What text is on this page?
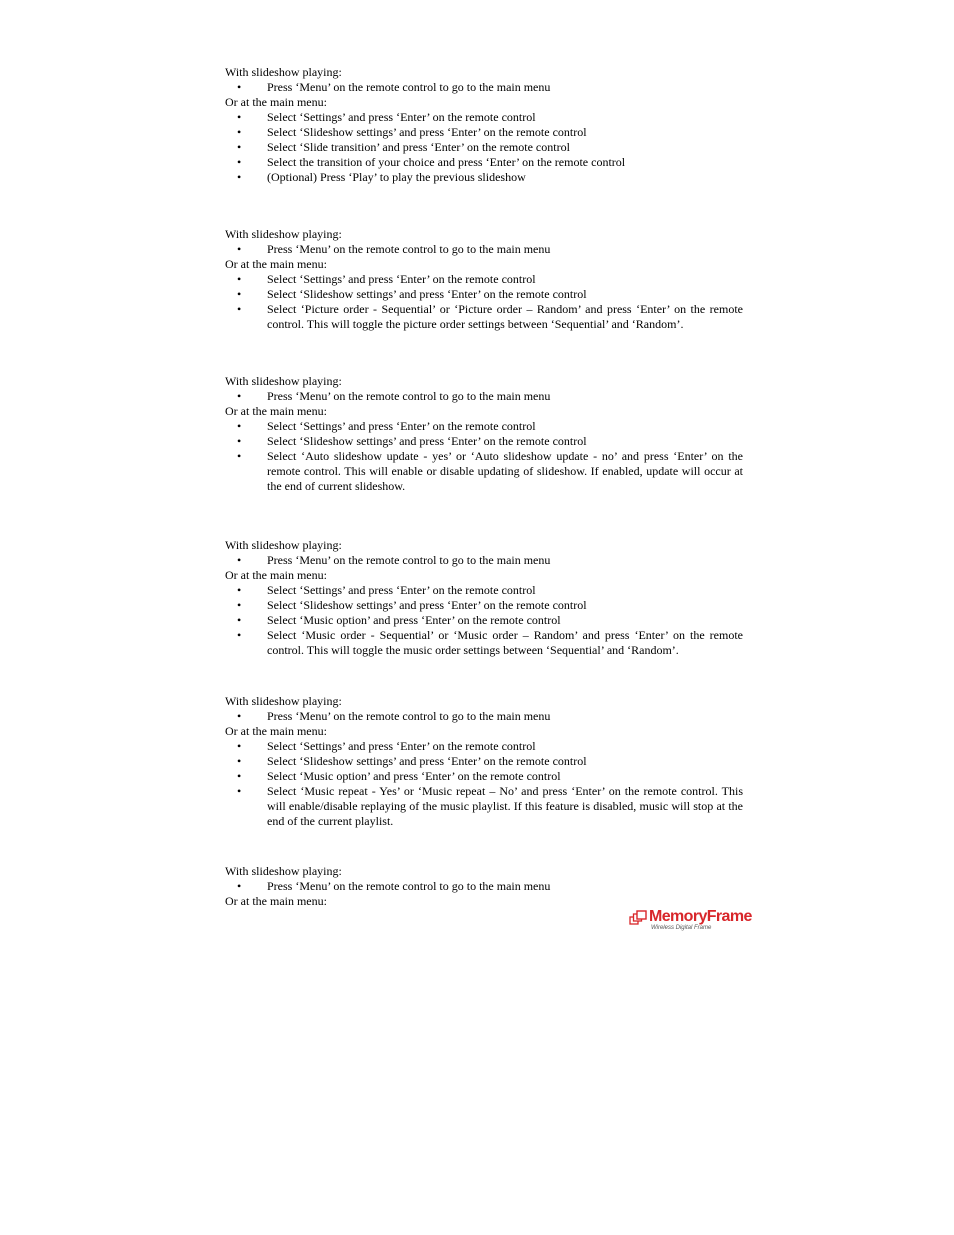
With slideshow playing:

•	Press ‘Menu’ on the remote control to go to the main menu

Or at the main menu:

•	Select ‘Settings’ and press ‘Enter’ on the remote control
•	Select ‘Slideshow settings’ and press ‘Enter’ on the remote control
•	Select ‘Slide transition’ and press ‘Enter’ on the remote control
•	Select the transition of your choice and press ‘Enter’ on the remote control
•	(Optional) Press ‘Play’ to play the previous slideshow

With slideshow playing:

•	Press ‘Menu’ on the remote control to go to the main menu

Or at the main menu:

•	Select ‘Settings’ and press ‘Enter’ on the remote control
•	Select ‘Slideshow settings’ and press ‘Enter’ on the remote control
•	Select ‘Picture order - Sequential’ or ‘Picture order – Random’ and press ‘Enter’ on the remote control. This will toggle the picture order settings between ‘Sequential’ and ‘Random’.

With slideshow playing:

•	Press ‘Menu’ on the remote control to go to the main menu

Or at the main menu:

•	Select ‘Settings’ and press ‘Enter’ on the remote control
•	Select ‘Slideshow settings’ and press ‘Enter’ on the remote control
•	Select ‘Auto slideshow update - yes’ or ‘Auto slideshow update - no’ and press ‘Enter’ on the remote control. This will enable or disable updating of slideshow. If enabled, update will occur at the end of current slideshow.

With slideshow playing:

•	Press ‘Menu’ on the remote control to go to the main menu

Or at the main menu:

•	Select ‘Settings’ and press ‘Enter’ on the remote control
•	Select ‘Slideshow settings’ and press ‘Enter’ on the remote control
•	Select ‘Music option’ and press ‘Enter’ on the remote control
•	Select ‘Music order - Sequential’ or ‘Music order – Random’ and press ‘Enter’ on the remote control. This will toggle the music order settings between ‘Sequential’ and ‘Random’.

With slideshow playing:

•	Press ‘Menu’ on the remote control to go to the main menu

Or at the main menu:

•	Select ‘Settings’ and press ‘Enter’ on the remote control
•	Select ‘Slideshow settings’ and press ‘Enter’ on the remote control
•	Select ‘Music option’ and press ‘Enter’ on the remote control
•	Select ‘Music repeat - Yes’ or ‘Music repeat – No’ and press ‘Enter’ on the remote control. This will enable/disable replaying of the music playlist. If this feature is disabled, music will stop at the end of the current playlist.

With slideshow playing:

•	Press ‘Menu’ on the remote control to go to the main menu

Or at the main menu:

MemoryFrame
Wireless Digital Frame
